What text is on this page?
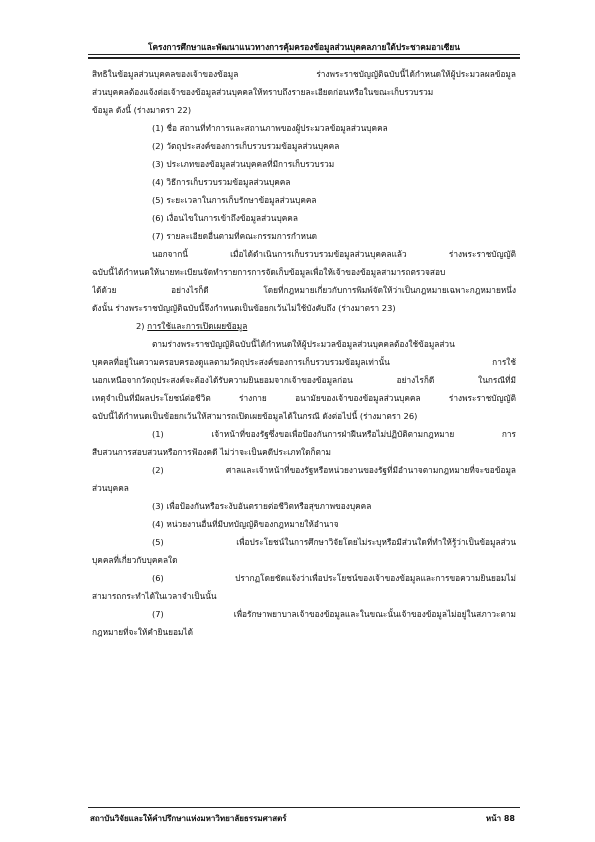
โครงการศึกษาและพัฒนาแนวทางการคุ้มครองข้อมูลส่วนบุคคลภายใต้ประชาคมอาเซียน
สิทธิในข้อมูลส่วนบุคคลของเจ้าของข้อมูล ร่างพระราชบัญญัติฉบับนี้ได้กำหนดให้ผู้ประมวลผลข้อมูล
ส่วนบุคคลต้องแจ้งต่อเจ้าของข้อมูลส่วนบุคคลให้ทราบถึงรายละเอียดก่อนหรือในขณะเก็บรวบรวม
ข้อมูล ดังนี้ (ร่างมาตรา 22)
(1) ชื่อ สถานที่ทำการและสถานภาพของผู้ประมวลข้อมูลส่วนบุคคล
(2) วัตถุประสงค์ของการเก็บรวบรวมข้อมูลส่วนบุคคล
(3) ประเภทของข้อมูลส่วนบุคคลที่มีการเก็บรวบรวม
(4) วิธีการเก็บรวบรวมข้อมูลส่วนบุคคล
(5) ระยะเวลาในการเก็บรักษาข้อมูลส่วนบุคคล
(6) เงื่อนไขในการเข้าถึงข้อมูลส่วนบุคคล
(7) รายละเอียดอื่นตามที่คณะกรรมการกำหนด
นอกจากนี้ เมื่อได้ดำเนินการเก็บรวบรวมข้อมูลส่วนบุคคลแล้ว ร่างพระราชบัญญัติ
ฉบับนี้ได้กำหนดให้นายทะเบียนจัดทำรายการการจัดเก็บข้อมูลเพื่อให้เจ้าของข้อมูลสามารถตรวจสอบ
ได้ด้วย อย่างไรก็ดี โดยที่กฎหมายเกี่ยวกับการพิมพ์จัดให้ว่าเป็นกฎหมายเฉพาะกฎหมายหนึ่ง
ดังนั้น ร่างพระราชบัญญัติฉบับนี้จึงกำหนดเป็นข้อยกเว้นไม่ใช้บังคับถึง (ร่างมาตรา 23)
2) การใช้และการเปิดเผยข้อมูล
ตามร่างพระราชบัญญัติฉบับนี้ได้กำหนดให้ผู้ประมวลข้อมูลส่วนบุคคลต้องใช้ข้อมูลส่วน
บุคคลที่อยู่ในความครอบครองดูแลตามวัตถุประสงค์ของการเก็บรวบรวมข้อมูลเท่านั้น การใช้
นอกเหนือจากวัตถุประสงค์จะต้องได้รับความยินยอมจากเจ้าของข้อมูลก่อน อย่างไรก็ดี ในกรณีที่มี
เหตุจำเป็นที่มีผลประโยชน์ต่อชีวิต ร่างกาย อนามัยของเจ้าของข้อมูลส่วนบุคคล ร่างพระราชบัญญัติ
ฉบับนี้ได้กำหนดเป็นข้อยกเว้นให้สามารถเปิดเผยข้อมูลได้ในกรณี ดังต่อไปนี้ (ร่างมาตรา 26)
(1) เจ้าหน้าที่ของรัฐซึ่งขอเพื่อป้องกันการฝ่าฝืนหรือไม่ปฏิบัติตามกฎหมาย การ
สืบสวนการสอบสวนหรือการฟ้องคดี ไม่ว่าจะเป็นคดีประเภทใดก็ตาม
(2) ศาลและเจ้าหน้าที่ของรัฐหรือหน่วยงานของรัฐที่มีอำนาจตามกฎหมายที่จะขอข้อมูล
ส่วนบุคคล
(3) เพื่อป้องกันหรือระงับอันตรายต่อชีวิตหรือสุขภาพของบุคคล
(4) หน่วยงานอื่นที่มีบทบัญญัติของกฎหมายให้อำนาจ
(5) เพื่อประโยชน์ในการศึกษาวิจัยโดยไม่ระบุหรือมีส่วนใดที่ทำให้รู้ว่าเป็นข้อมูลส่วน
บุคคลที่เกี่ยวกับบุคคลใด
(6) ปรากฏโดยชัดแจ้งว่าเพื่อประโยชน์ของเจ้าของข้อมูลและการขอความยินยอมไม่
สามารถกระทำได้ในเวลาจำเป็นนั้น
(7) เพื่อรักษาพยาบาลเจ้าของข้อมูลและในขณะนั้นเจ้าของข้อมูลไม่อยู่ในสภาวะตาม
กฎหมายที่จะให้คำยินยอมได้
สถาบันวิจัยและให้คำปรึกษาแห่งมหาวิทยาลัยธรรมศาสตร์	หน้า 88
